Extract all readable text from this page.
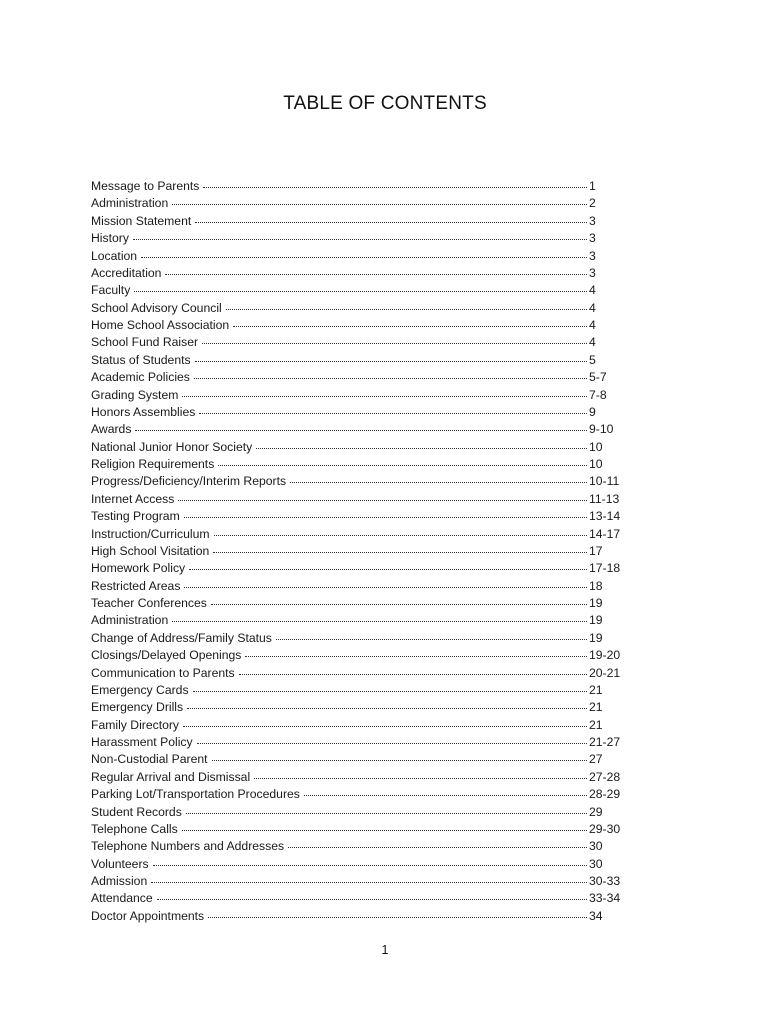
TABLE OF CONTENTS
Message to Parents	1
Administration	2
Mission Statement	3
History	3
Location	3
Accreditation	3
Faculty	4
School Advisory Council	4
Home School Association	4
School Fund Raiser	4
Status of Students	5
Academic Policies	5-7
Grading System	7-8
Honors Assemblies	9
Awards	9-10
National Junior Honor Society	10
Religion Requirements	10
Progress/Deficiency/Interim Reports	10-11
Internet Access	11-13
Testing Program	13-14
Instruction/Curriculum	14-17
High School Visitation	17
Homework Policy	17-18
Restricted Areas	18
Teacher Conferences	19
Administration	19
Change of Address/Family Status	19
Closings/Delayed Openings	19-20
Communication to Parents	20-21
Emergency Cards	21
Emergency Drills	21
Family Directory	21
Harassment Policy	21-27
Non-Custodial Parent	27
Regular Arrival and Dismissal	27-28
Parking Lot/Transportation Procedures	28-29
Student Records	29
Telephone Calls	29-30
Telephone Numbers and Addresses	30
Volunteers	30
Admission	30-33
Attendance	33-34
Doctor Appointments	34
1
